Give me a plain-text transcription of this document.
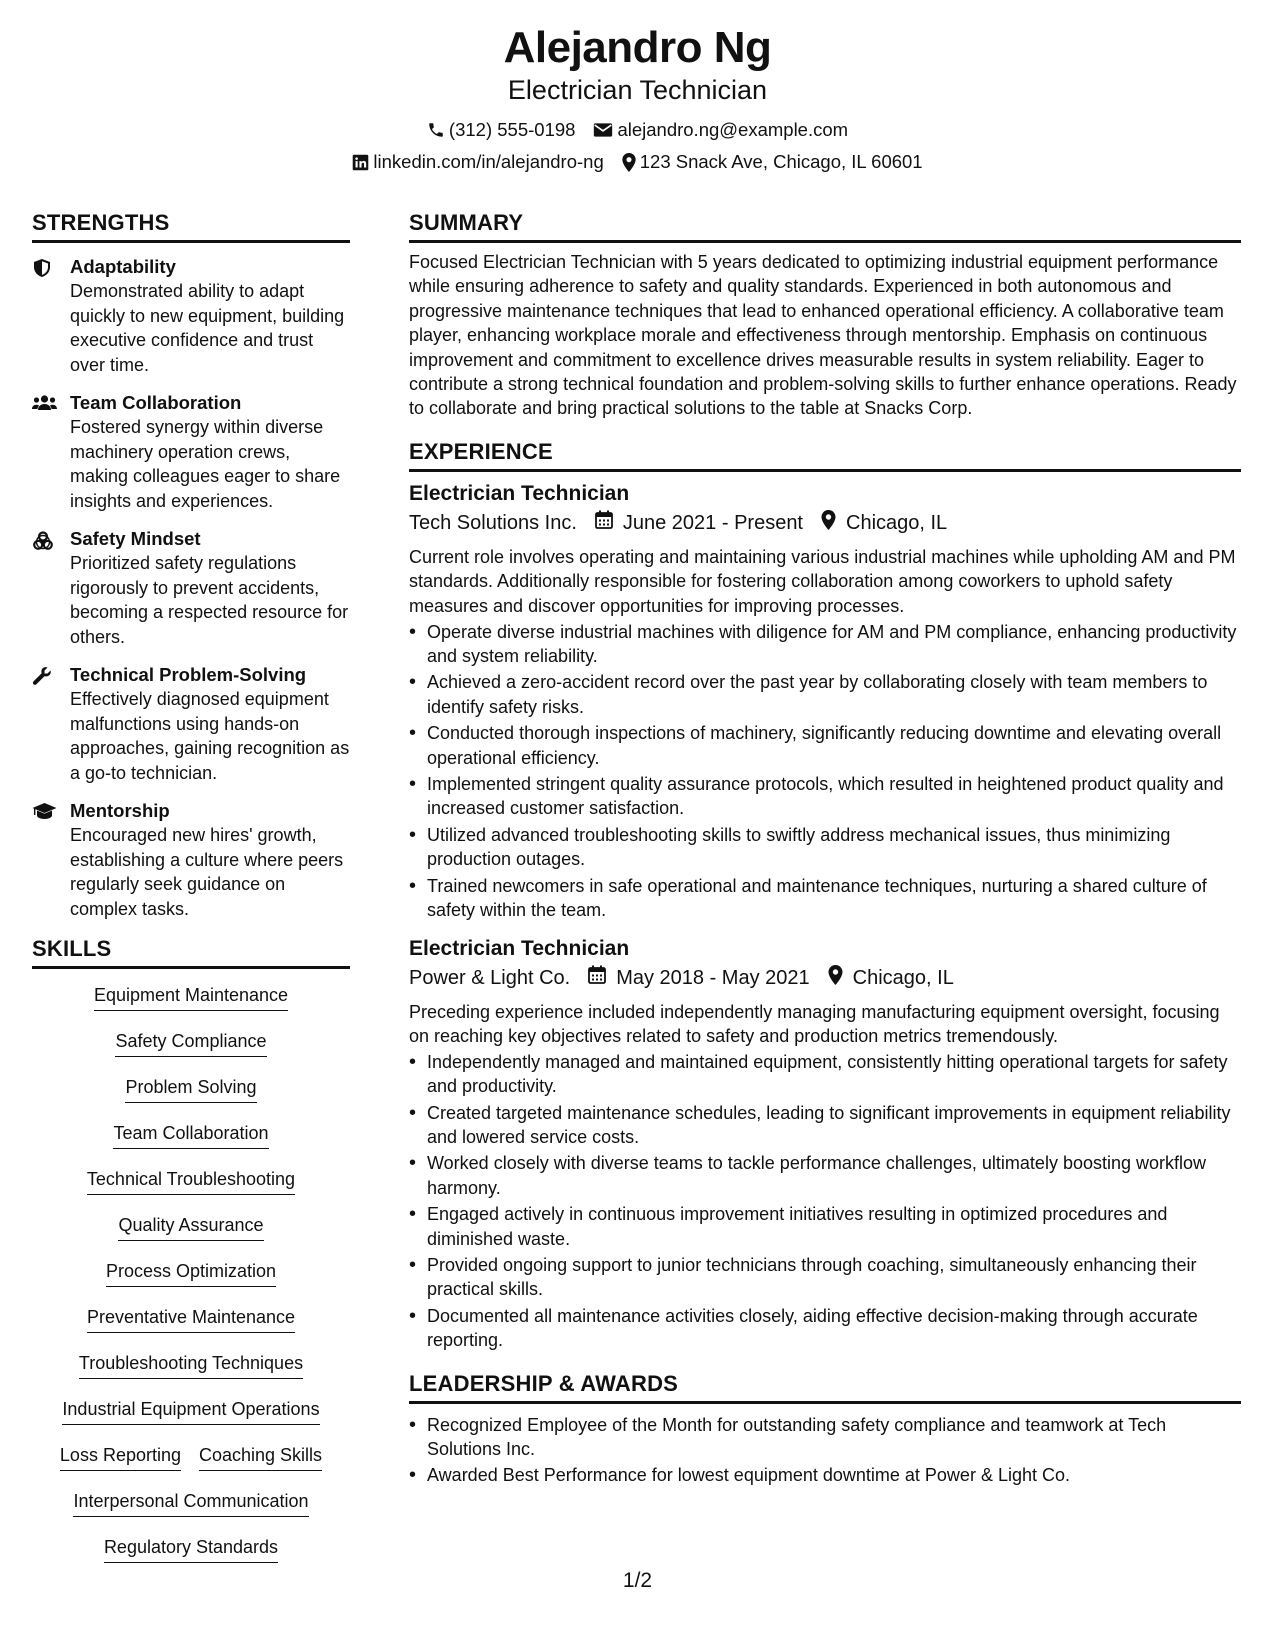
Alejandro Ng
Electrician Technician
(312) 555-0198 alejandro.ng@example.com
linkedin.com/in/alejandro-ng 123 Snack Ave, Chicago, IL 60601
STRENGTHS
Adaptability
Demonstrated ability to adapt quickly to new equipment, building executive confidence and trust over time.
Team Collaboration
Fostered synergy within diverse machinery operation crews, making colleagues eager to share insights and experiences.
Safety Mindset
Prioritized safety regulations rigorously to prevent accidents, becoming a respected resource for others.
Technical Problem-Solving
Effectively diagnosed equipment malfunctions using hands-on approaches, gaining recognition as a go-to technician.
Mentorship
Encouraged new hires' growth, establishing a culture where peers regularly seek guidance on complex tasks.
SKILLS
Equipment Maintenance
Safety Compliance
Problem Solving
Team Collaboration
Technical Troubleshooting
Quality Assurance
Process Optimization
Preventative Maintenance
Troubleshooting Techniques
Industrial Equipment Operations
Loss Reporting Coaching Skills
Interpersonal Communication
Regulatory Standards
SUMMARY
Focused Electrician Technician with 5 years dedicated to optimizing industrial equipment performance while ensuring adherence to safety and quality standards. Experienced in both autonomous and progressive maintenance techniques that lead to enhanced operational efficiency. A collaborative team player, enhancing workplace morale and effectiveness through mentorship. Emphasis on continuous improvement and commitment to excellence drives measurable results in system reliability. Eager to contribute a strong technical foundation and problem-solving skills to further enhance operations. Ready to collaborate and bring practical solutions to the table at Snacks Corp.
EXPERIENCE
Electrician Technician
Tech Solutions Inc. June 2021 - Present Chicago, IL
Current role involves operating and maintaining various industrial machines while upholding AM and PM standards. Additionally responsible for fostering collaboration among coworkers to uphold safety measures and discover opportunities for improving processes.
• Operate diverse industrial machines with diligence for AM and PM compliance, enhancing productivity and system reliability.
• Achieved a zero-accident record over the past year by collaborating closely with team members to identify safety risks.
• Conducted thorough inspections of machinery, significantly reducing downtime and elevating overall operational efficiency.
• Implemented stringent quality assurance protocols, which resulted in heightened product quality and increased customer satisfaction.
• Utilized advanced troubleshooting skills to swiftly address mechanical issues, thus minimizing production outages.
• Trained newcomers in safe operational and maintenance techniques, nurturing a shared culture of safety within the team.
Electrician Technician
Power & Light Co. May 2018 - May 2021 Chicago, IL
Preceding experience included independently managing manufacturing equipment oversight, focusing on reaching key objectives related to safety and production metrics tremendously.
• Independently managed and maintained equipment, consistently hitting operational targets for safety and productivity.
• Created targeted maintenance schedules, leading to significant improvements in equipment reliability and lowered service costs.
• Worked closely with diverse teams to tackle performance challenges, ultimately boosting workflow harmony.
• Engaged actively in continuous improvement initiatives resulting in optimized procedures and diminished waste.
• Provided ongoing support to junior technicians through coaching, simultaneously enhancing their practical skills.
• Documented all maintenance activities closely, aiding effective decision-making through accurate reporting.
LEADERSHIP & AWARDS
• Recognized Employee of the Month for outstanding safety compliance and teamwork at Tech Solutions Inc.
• Awarded Best Performance for lowest equipment downtime at Power & Light Co.
1/2
